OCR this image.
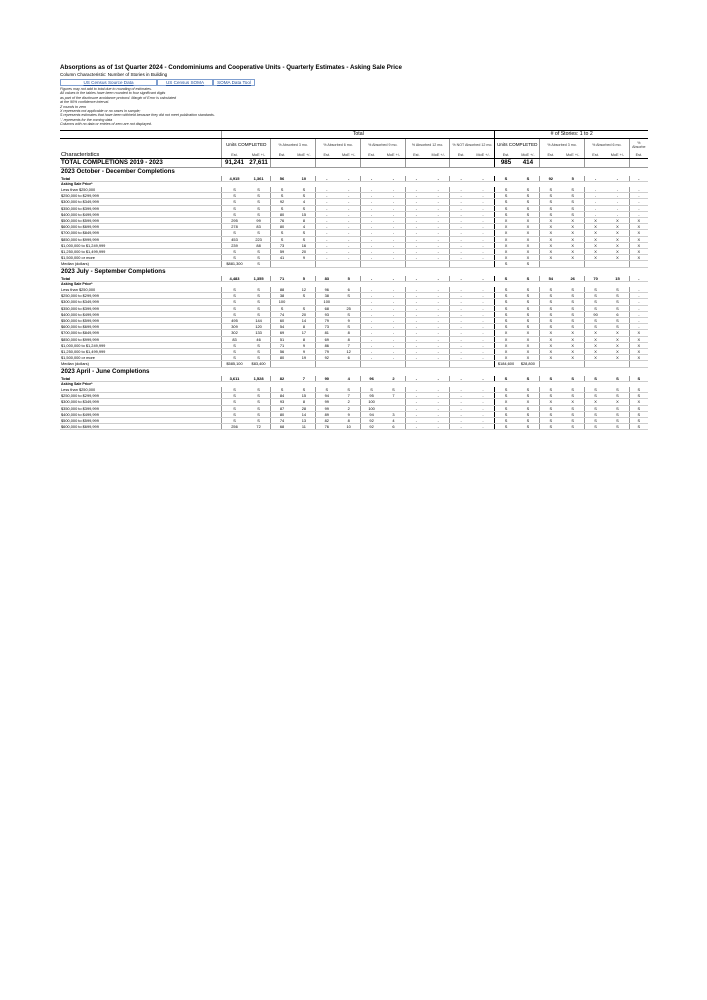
Absorptions as of 1st Quarter 2024 - Condominiums and Cooperative Units - Quarterly Estimates - Asking Sale Price
Column Characteristic: Number of Stories in Building
US Census Source Data	US Census SOMA	SOMA Data Tool
Figures may not add to total due to rounding of estimates.
All values in the tables have been rounded to four significant digits
as part of the disclosure avoidance protocol. Margin of Error is calculated
at the 90% confidence interval.
Z rounds to zero
X represents not applicable or no cases in sample;
S represents estimates that have been withheld because they did not meet publication standards.
'-' represents for the coming data
Columns with no data or entries of zero are not displayed.
	Total												# of Stories: 1 to 2						
	Units COMPLETED		% Absorbed 3 mo.		% Absorbed 6 mo.		% Absorbed 9 mo.		% Absorbed 12 mo.		% NOT Absorbed 12 mo.		Units COMPLETED		% Absorbed 3 mo.		% Absorbed 6 mo.		% Absorbe
Characteristics	Est.	MoE +/-	Est.	MoE +/-	Est.	MoE +/-	Est.	MoE +/-	Est.	MoE +/-	Est.	MoE +/-	Est.	MoE +/-	Est.	MoE +/-	Est.	MoE +/-	Est.
TOTAL COMPLETIONS 2019 - 2023	91,241	27,611											985	414					
2023 October - December Completions																			
Total	4,915	1,361	56	10	-	-	-	-	-	-	-	-	S	S	92	5	-	-	-
Asking Sale Price*																			
Less than $250,000	S	S	S	S	-	-	-	-	-	-	-	-	S	S	S	S	-	-	-
$250,000 to $299,999	S	S	S	S	-	-	-	-	-	-	-	-	S	S	S	S	-	-	-
$300,000 to $349,999	S	S	92	4	-	-	-	-	-	-	-	-	S	S	S	S	-	-	-
$350,000 to $399,999	S	S	S	S	-	-	-	-	-	-	-	-	S	S	S	S	-	-	-
$400,000 to $499,999	S	S	80	15	-	-	-	-	-	-	-	-	S	S	S	S	-	-	-
$500,000 to $599,999	295	99	76	8	-	-	-	-	-	-	-	-	X	X	X	X	X	X	X
$600,000 to $699,999	278	83	80	4	-	-	-	-	-	-	-	-	X	X	X	X	X	X	X
$700,000 to $849,999	S	S	S	S	-	-	-	-	-	-	-	-	X	X	X	X	X	X	X
$850,000 to $999,999	453	223	S	S	-	-	-	-	-	-	-	-	X	X	X	X	X	X	X
$1,000,000 to $1,249,999	239	88	73	16	-	-	-	-	-	-	-	-	X	X	X	X	X	X	X
$1,250,000 to $1,499,999	S	S	59	20	-	-	-	-	-	-	-	-	X	X	X	X	X	X	X
$1,500,000 or more	S	S	41	9	-	-	-	-	-	-	-	-	X	X	X	X	X	X	X
Median (dollars)	$881,300	S											S	S					
2023 July - September Completions																			
Total	4,483	1,355	71	5	83	5	-	-	-	-	-	-	S	S	54	26	70	15	-
Asking Sale Price*																			
Less than $250,000	S	S	88	12	96	6	-	-	-	-	-	-	S	S	S	S	S	S	-
$250,000 to $299,999	S	S	38	S	38	S	-	-	-	-	-	-	S	S	S	S	S	S	-
$300,000 to $349,999	S	S	100		100		-	-	-	-	-	-	S	S	S	S	S	S	-
$350,000 to $399,999	S	S	S	S	68	25	-	-	-	-	-	-	S	S	S	S	S	S	-
$400,000 to $499,999	S	S	74	20	93	S	-	-	-	-	-	-	S	S	S	S	90	6	-
$500,000 to $599,999	495	144	60	14	79	9	-	-	-	-	-	-	S	S	S	S	S	S	-
$600,000 to $699,999	309	120	54	8	73	S	-	-	-	-	-	-	S	S	S	S	S	S	-
$700,000 to $849,999	302	133	69	17	81	8	-	-	-	-	-	-	X	X	X	X	X	X	X
$850,000 to $999,999	83	46	51	8	69	8	-	-	-	-	-	-	X	X	X	X	X	X	X
$1,000,000 to $1,249,999	S	S	71	9	86	7	-	-	-	-	-	-	X	X	X	X	X	X	X
$1,250,000 to $1,499,999	S	S	56	9	79	12	-	-	-	-	-	-	X	X	X	X	X	X	X
$1,500,000 or more	S	S	80	19	92	6	-	-	-	-	-	-	X	X	X	X	X	X	X
Median (dollars)	$585,100	$83,400											$184,600	$28,800					
2023 April - June Completions																			
Total	3,611	1,528	82	7	90	4	96	2	-	-	-	-	S	S	S	S	S	S	S
Asking Sale Price*																			
Less than $250,000	S	S	S	S	S	S	S	S	-	-	-	-	S	S	S	S	S	S	S
$250,000 to $299,999	S	S	84	15	94	7	95	7	-	-	-	-	S	S	S	S	S	S	S
$300,000 to $349,999	S	S	93	8	99	2	100		-	-	-	-	X	X	X	X	X	X	X
$350,000 to $399,999	S	S	87	28	99	2	100		-	-	-	-	S	S	S	S	S	S	S
$400,000 to $499,999	S	S	80	14	89	9	94	3	-	-	-	-	S	S	S	S	S	S	S
$500,000 to $599,999	S	S	74	13	82	8	92	4	-	-	-	-	S	S	S	S	S	S	S
$600,000 to $699,999	256	72	68	11	76	10	92	6	-	-	-	-	S	S	S	S	S	S	S
